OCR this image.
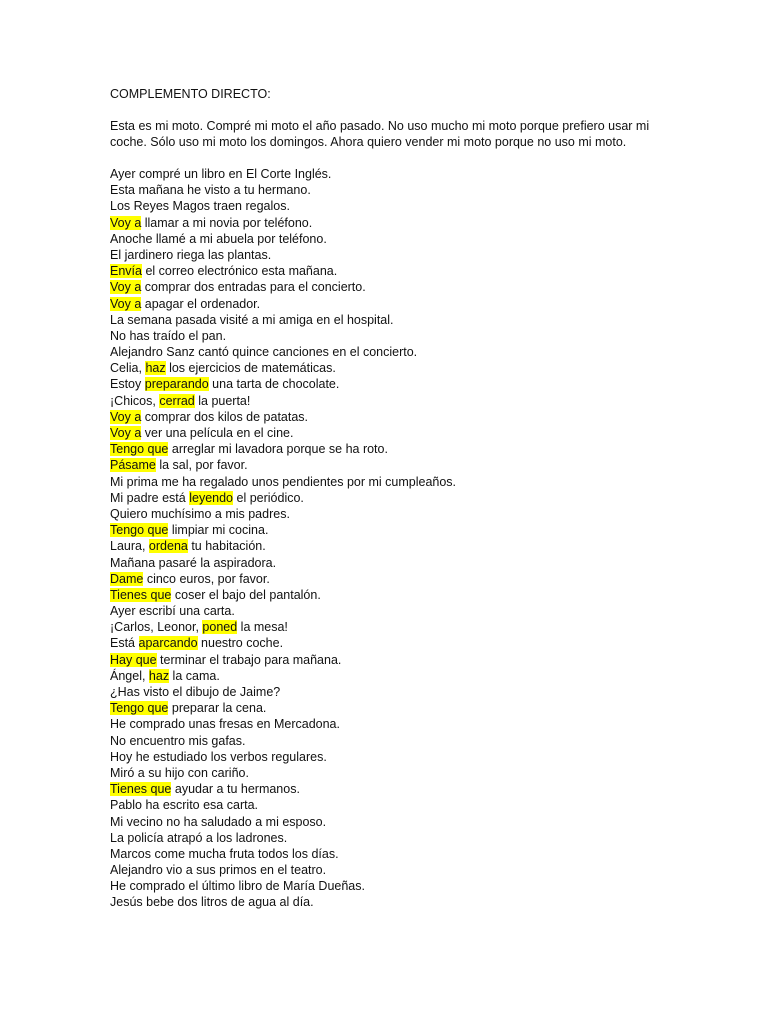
COMPLEMENTO DIRECTO:
Esta es mi moto. Compré mi moto el año pasado. No uso mucho mi moto porque prefiero usar mi coche. Sólo uso mi moto los domingos. Ahora quiero vender mi moto porque no uso mi moto.
Ayer compré un libro en El Corte Inglés.
Esta mañana he visto a tu hermano.
Los Reyes Magos traen regalos.
Voy a llamar a mi novia por teléfono.
Anoche llamé a mi abuela por teléfono.
El jardinero riega las plantas.
Envía el correo electrónico esta mañana.
Voy a comprar dos entradas para el concierto.
Voy a apagar el ordenador.
La semana pasada visité a mi amiga en el hospital.
No has traído el pan.
Alejandro Sanz cantó quince canciones en el concierto.
Celia, haz los ejercicios de matemáticas.
Estoy preparando una tarta de chocolate.
¡Chicos, cerrad la puerta!
Voy a comprar dos kilos de patatas.
Voy a ver una película en el cine.
Tengo que arreglar mi lavadora porque se ha roto.
Pásame la sal, por favor.
Mi prima me ha regalado unos pendientes por mi cumpleaños.
Mi padre está leyendo el periódico.
Quiero muchísimo a mis padres.
Tengo que limpiar mi cocina.
Laura, ordena tu habitación.
Mañana pasaré la aspiradora.
Dame cinco euros, por favor.
Tienes que coser el bajo del pantalón.
Ayer escribí una carta.
¡Carlos, Leonor, poned la mesa!
Está aparcando nuestro coche.
Hay que terminar el trabajo para mañana.
Ángel, haz la cama.
¿Has visto el dibujo de Jaime?
Tengo que preparar la cena.
He comprado unas fresas en Mercadona.
No encuentro mis gafas.
Hoy he estudiado los verbos regulares.
Miró a su hijo con cariño.
Tienes que ayudar a tu hermanos.
Pablo ha escrito esa carta.
Mi vecino no ha saludado a mi esposo.
La policía atrapó a los ladrones.
Marcos come mucha fruta todos los días.
Alejandro vio a sus primos en el teatro.
He comprado el último libro de María Dueñas.
Jesús bebe dos litros de agua al día.
